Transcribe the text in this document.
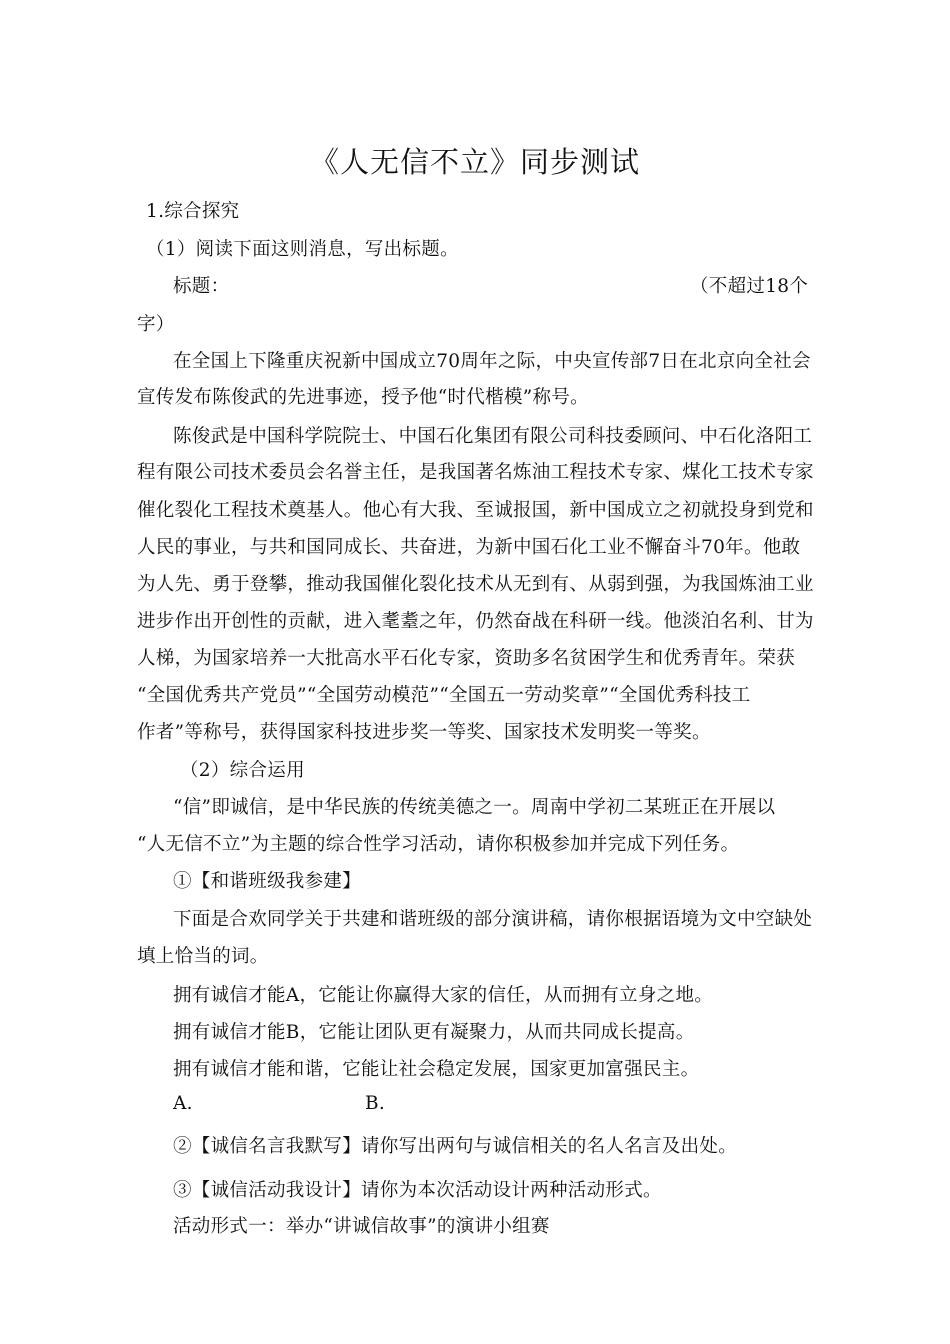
《人无信不立》同步测试
1.综合探究
（1）阅读下面这则消息，写出标题。
标题：	（不超过18个
字）
在全国上下隆重庆祝新中国成立70周年之际，中央宣传部7日在北京向全社会
宣传发布陈俊武的先进事迹，授予他“时代楷模”称号。
陈俊武是中国科学院院士、中国石化集团有限公司科技委顾问、中石化洛阳工
程有限公司技术委员会名誉主任，是我国著名炼油工程技术专家、煤化工技术专家
催化裂化工程技术奠基人。他心有大我、至诚报国，新中国成立之初就投身到党和
人民的事业，与共和国同成长、共奋进，为新中国石化工业不懈奋斗70年。他敢
为人先、勇于登攀，推动我国催化裂化技术从无到有、从弱到强，为我国炼油工业
进步作出开创性的贡献，进入耄耋之年，仍然奋战在科研一线。他淡泊名利、甘为
人梯，为国家培养一大批高水平石化专家，资助多名贫困学生和优秀青年。荣获
“全国优秀共产党员”“全国劳动模范”“全国五一劳动奖章”“全国优秀科技工
作者”等称号，获得国家科技进步奖一等奖、国家技术发明奖一等奖。
（2）综合运用
“信”即诚信，是中华民族的传统美德之一。周南中学初二某班正在开展以
“人无信不立”为主题的综合性学习活动，请你积极参加并完成下列任务。
①【和谐班级我参建】
下面是合欢同学关于共建和谐班级的部分演讲稿，请你根据语境为文中空缺处
填上恰当的词。
拥有诚信才能A，它能让你赢得大家的信任，从而拥有立身之地。
拥有诚信才能B，它能让团队更有凝聚力，从而共同成长提高。
拥有诚信才能和谐，它能让社会稳定发展，国家更加富强民主。
A.	B.
②【诚信名言我默写】请你写出两句与诚信相关的名人名言及出处。
③【诚信活动我设计】请你为本次活动设计两种活动形式。
活动形式一：举办“讲诚信故事”的演讲小组赛
